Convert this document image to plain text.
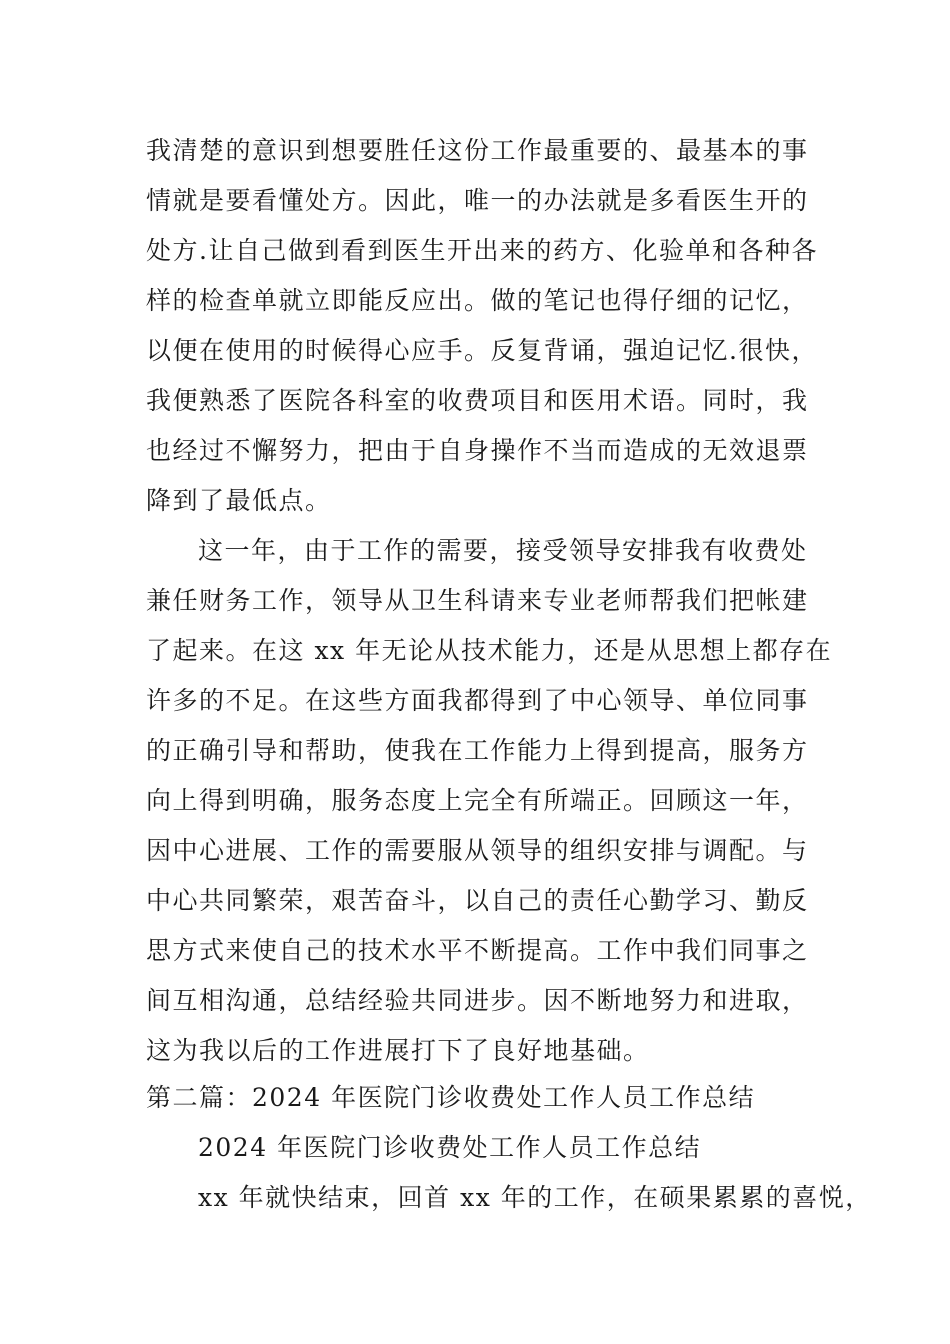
我清楚的意识到想要胜任这份工作最重要的、最基本的事
情就是要看懂处方。因此，唯一的办法就是多看医生开的
处方.让自己做到看到医生开出来的药方、化验单和各种各
样的检查单就立即能反应出。做的笔记也得仔细的记忆，
以便在使用的时候得心应手。反复背诵，强迫记忆.很快，
我便熟悉了医院各科室的收费项目和医用术语。同时，我
也经过不懈努力，把由于自身操作不当而造成的无效退票
降到了最低点。
这一年，由于工作的需要，接受领导安排我有收费处
兼任财务工作，领导从卫生科请来专业老师帮我们把帐建
了起来。在这 xx 年无论从技术能力，还是从思想上都存在
许多的不足。在这些方面我都得到了中心领导、单位同事
的正确引导和帮助，使我在工作能力上得到提高，服务方
向上得到明确，服务态度上完全有所端正。回顾这一年，
因中心进展、工作的需要服从领导的组织安排与调配。与
中心共同繁荣，艰苦奋斗，以自己的责任心勤学习、勤反
思方式来使自己的技术水平不断提高。工作中我们同事之
间互相沟通，总结经验共同进步。因不断地努力和进取，
这为我以后的工作进展打下了良好地基础。
第二篇：2024 年医院门诊收费处工作人员工作总结
2024 年医院门诊收费处工作人员工作总结
xx 年就快结束，回首 xx 年的工作，在硕果累累的喜悦，
